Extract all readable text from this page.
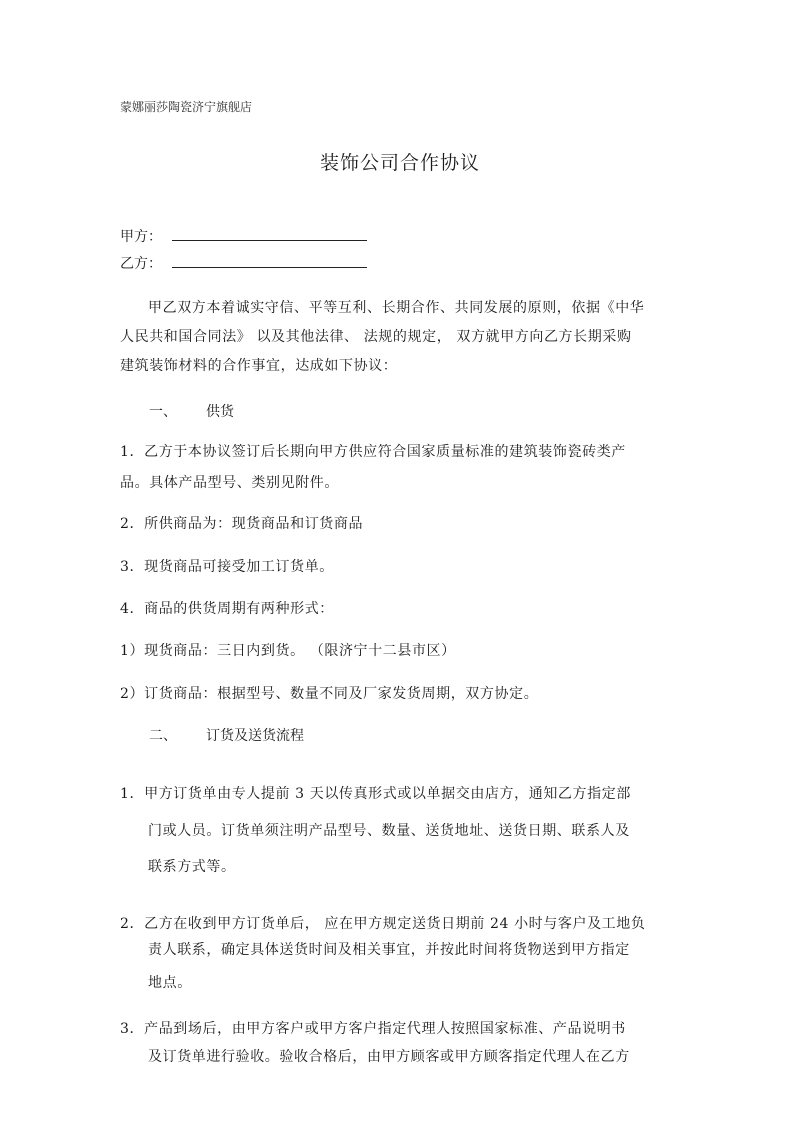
蒙娜丽莎陶瓷济宁旗舰店
装饰公司合作协议
甲方：
乙方：
甲乙双方本着诚实守信、平等互利、长期合作、共同发展的原则，依据《中华
人民共和国合同法》 以及其他法律、 法规的规定， 双方就甲方向乙方长期采购
建筑装饰材料的合作事宜，达成如下协议：
一、 供货
1．乙方于本协议签订后长期向甲方供应符合国家质量标准的建筑装饰瓷砖类产
品。具体产品型号、类别见附件。
2．所供商品为：现货商品和订货商品
3．现货商品可接受加工订货单。
4．商品的供货周期有两种形式：
1）现货商品：三日内到货。 （限济宁十二县市区）
2）订货商品：根据型号、数量不同及厂家发货周期，双方协定。
二、 订货及送货流程
1．甲方订货单由专人提前 3 天以传真形式或以单据交由店方，通知乙方指定部
门或人员。订货单须注明产品型号、数量、送货地址、送货日期、联系人及
联系方式等。
2．乙方在收到甲方订货单后， 应在甲方规定送货日期前 24 小时与客户及工地负
责人联系，确定具体送货时间及相关事宜，并按此时间将货物送到甲方指定
地点。
3．产品到场后，由甲方客户或甲方客户指定代理人按照国家标准、产品说明书
及订货单进行验收。验收合格后，由甲方顾客或甲方顾客指定代理人在乙方
